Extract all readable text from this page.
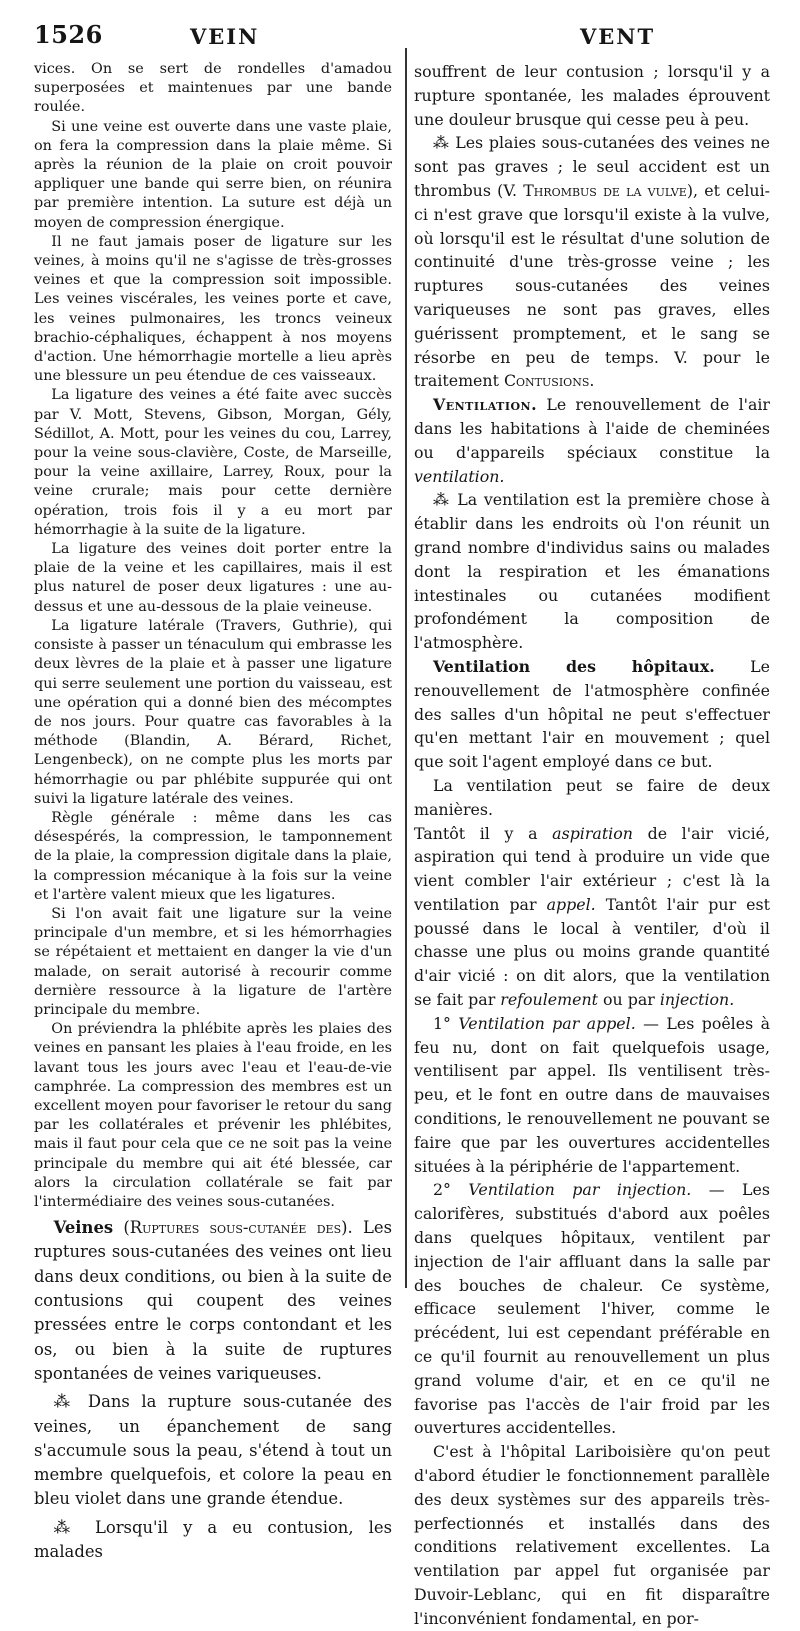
1526	VEIN	VENT

vices. On se sert de rondelles d'amadou superposées et maintenues par une bande roulée.

Si une veine est ouverte dans une vaste plaie, on fera la compression dans la plaie même. Si après la réunion de la plaie on croit pouvoir appliquer une bande qui serre bien, on réunira par première intention. La suture est déjà un moyen de compression énergique.

Il ne faut jamais poser de ligature sur les veines, à moins qu'il ne s'agisse de très-grosses veines et que la compression soit impossible. Les veines viscérales, les veines porte et cave, les veines pulmonaires, les troncs veineux brachio-céphaliques, échappent à nos moyens d'action. Une hémorrhagie mortelle a lieu après une blessure un peu étendue de ces vaisseaux.

La ligature des veines a été faite avec succès par V. Mott, Stevens, Gibson, Morgan, Gély, Sédillot, A. Mott, pour les veines du cou, Larrey, pour la veine sous-clavière, Coste, de Marseille, pour la veine axillaire, Larrey, Roux, pour la veine crurale; mais pour cette dernière opération, trois fois il y a eu mort par hémorrhagie à la suite de la ligature.

La ligature des veines doit porter entre la plaie de la veine et les capillaires, mais il est plus naturel de poser deux ligatures : une au-dessus et une au-dessous de la plaie veineuse.

La ligature latérale (Travers, Guthrie), qui consiste à passer un ténaculum qui embrasse les deux lèvres de la plaie et à passer une ligature qui serre seulement une portion du vaisseau, est une opération qui a donné bien des mécomptes de nos jours. Pour quatre cas favorables à la méthode (Blandin, A. Bérard, Richet, Lengenbeck), on ne compte plus les morts par hémorrhagie ou par phlébite suppurée qui ont suivi la ligature latérale des veines.

Règle générale : même dans les cas désespérés, la compression, le tamponnement de la plaie, la compression digitale dans la plaie, la compression mécanique à la fois sur la veine et l'artère valent mieux que les ligatures.

Si l'on avait fait une ligature sur la veine principale d'un membre, et si les hémorrhagies se répétaient et mettaient en danger la vie d'un malade, on serait autorisé à recourir comme dernière ressource à la ligature de l'artère principale du membre.

On préviendra la phlébite après les plaies des veines en pansant les plaies à l'eau froide, en les lavant tous les jours avec l'eau et l'eau-de-vie camphrée. La compression des membres est un excellent moyen pour favoriser le retour du sang par les collatérales et prévenir les phlébites, mais il faut pour cela que ce ne soit pas la veine principale du membre qui ait été blessée, car alors la circulation collatérale se fait par l'intermédiaire des veines sous-cutanées.

Veines (Ruptures sous-cutanée des). Les ruptures sous-cutanées des veines ont lieu dans deux conditions, ou bien à la suite de contusions qui coupent des veines pressées entre le corps contondant et les os, ou bien à la suite de ruptures spontanées de veines variqueuses.

⁂ Dans la rupture sous-cutanée des veines, un épanchement de sang s'accumule sous la peau, s'étend à tout un membre quelquefois, et colore la peau en bleu violet dans une grande étendue.

⁂ Lorsqu'il y a eu contusion, les malades

souffrent de leur contusion ; lorsqu'il y a rupture spontanée, les malades éprouvent une douleur brusque qui cesse peu à peu.

⁂ Les plaies sous-cutanées des veines ne sont pas graves ; le seul accident est un thrombus (V. Thrombus de la vulve), et celui-ci n'est grave que lorsqu'il existe à la vulve, où lorsqu'il est le résultat d'une solution de continuité d'une très-grosse veine ; les ruptures sous-cutanées des veines variqueuses ne sont pas graves, elles guérissent promptement, et le sang se résorbe en peu de temps. V. pour le traitement Contusions.

Ventilation. Le renouvellement de l'air dans les habitations à l'aide de cheminées ou d'appareils spéciaux constitue la ventilation.

⁂ La ventilation est la première chose à établir dans les endroits où l'on réunit un grand nombre d'individus sains ou malades dont la respiration et les émanations intestinales ou cutanées modifient profondément la composition de l'atmosphère.

Ventilation des hôpitaux. Le renouvellement de l'atmosphère confinée des salles d'un hôpital ne peut s'effectuer qu'en mettant l'air en mouvement ; quel que soit l'agent employé dans ce but.

La ventilation peut se faire de deux manières.

Tantôt il y a aspiration de l'air vicié, aspiration qui tend à produire un vide que vient combler l'air extérieur ; c'est là la ventilation par appel. Tantôt l'air pur est poussé dans le local à ventiler, d'où il chasse une plus ou moins grande quantité d'air vicié : on dit alors, que la ventilation se fait par refoulement ou par injection.

1° Ventilation par appel. — Les poêles à feu nu, dont on fait quelquefois usage, ventilisent par appel. Ils ventilisent très-peu, et le font en outre dans de mauvaises conditions, le renouvellement ne pouvant se faire que par les ouvertures accidentelles situées à la périphérie de l'appartement.

2° Ventilation par injection. — Les calorifères, substitués d'abord aux poêles dans quelques hôpitaux, ventilent par injection de l'air affluant dans la salle par des bouches de chaleur. Ce système, efficace seulement l'hiver, comme le précédent, lui est cependant préférable en ce qu'il fournit au renouvellement un plus grand volume d'air, et en ce qu'il ne favorise pas l'accès de l'air froid par les ouvertures accidentelles.

C'est à l'hôpital Lariboisière qu'on peut d'abord étudier le fonctionnement parallèle des deux systèmes sur des appareils très-perfectionnés et installés dans des conditions relativement excellentes. La ventilation par appel fut organisée par Duvoir-Leblanc, qui en fit disparaître l'inconvénient fondamental, en por-
